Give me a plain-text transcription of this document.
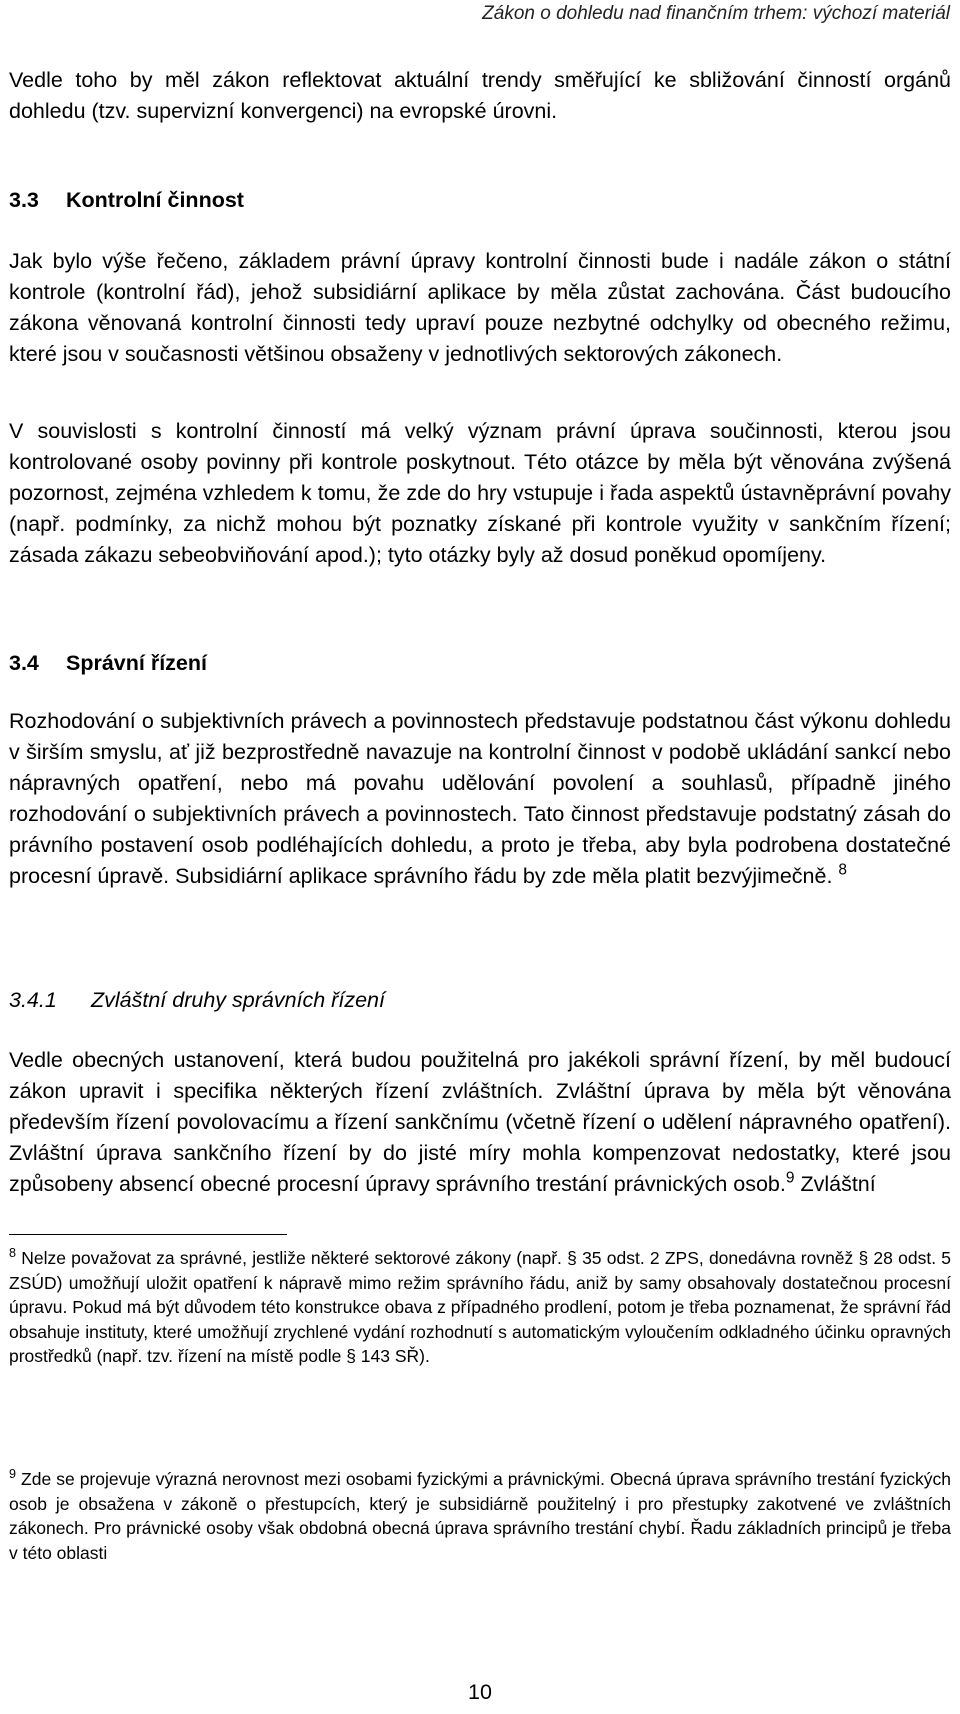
Zákon o dohledu nad finančním trhem: výchozí materiál

Vedle toho by měl zákon reflektovat aktuální trendy směřující ke sbližování činností orgánů dohledu (tzv. supervizní konvergenci) na evropské úrovni.

3.3 Kontrolní činnost

Jak bylo výše řečeno, základem právní úpravy kontrolní činnosti bude i nadále zákon o státní kontrole (kontrolní řád), jehož subsidiární aplikace by měla zůstat zachována. Část budoucího zákona věnovaná kontrolní činnosti tedy upraví pouze nezbytné odchylky od obecného režimu, které jsou v současnosti většinou obsaženy v jednotlivých sektorových zákonech.

V souvislosti s kontrolní činností má velký význam právní úprava součinnosti, kterou jsou kontrolované osoby povinny při kontrole poskytnout. Této otázce by měla být věnována zvýšená pozornost, zejména vzhledem k tomu, že zde do hry vstupuje i řada aspektů ústavněprávní povahy (např. podmínky, za nichž mohou být poznatky získané při kontrole využity v sankčním řízení; zásada zákazu sebeobviňování apod.); tyto otázky byly až dosud poněkud opomíjeny.

3.4 Správní řízení

Rozhodování o subjektivních právech a povinnostech představuje podstatnou část výkonu dohledu v širším smyslu, ať již bezprostředně navazuje na kontrolní činnost v podobě ukládání sankcí nebo nápravných opatření, nebo má povahu udělování povolení a souhlasů, případně jiného rozhodování o subjektivních právech a povinnostech. Tato činnost představuje podstatný zásah do právního postavení osob podléhajících dohledu, a proto je třeba, aby byla podrobena dostatečné procesní úpravě. Subsidiární aplikace správního řádu by zde měla platit bezvýjimečně. $^8$

3.4.1 Zvláštní druhy správních řízení

Vedle obecných ustanovení, která budou použitelná pro jakékoli správní řízení, by měl budoucí zákon upravit i specifika některých řízení zvláštních. Zvláštní úprava by měla být věnována především řízení povolovacímu a řízení sankčnímu (včetně řízení o udělení nápravného opatření). Zvláštní úprava sankčního řízení by do jisté míry mohla kompenzovat nedostatky, které jsou způsobeny absencí obecné procesní úpravy správního trestání právnických osob.$^9$ Zvláštní

$^8$ Nelze považovat za správné, jestliže některé sektorové zákony (např. § 35 odst. 2 ZPS, donedávna rovněž § 28 odst. 5 ZSÚD) umožňují uložit opatření k nápravě mimo režim správního řádu, aniž by samy obsahovaly dostatečnou procesní úpravu. Pokud má být důvodem této konstrukce obava z případného prodlení, potom je třeba poznamenat, že správní řád obsahuje instituty, které umožňují zrychlené vydání rozhodnutí s automatickým vyloučením odkladného účinku opravných prostředků (např. tzv. řízení na místě podle § 143 SŘ).

$^9$ Zde se projevuje výrazná nerovnost mezi osobami fyzickými a právnickými. Obecná úprava správního trestání fyzických osob je obsažena v zákoně o přestupcích, který je subsidiárně použitelný i pro přestupky zakotvené ve zvláštních zákonech. Pro právnické osoby však obdobná obecná úprava správního trestání chybí. Řadu základních principů je třeba v této oblasti

10
